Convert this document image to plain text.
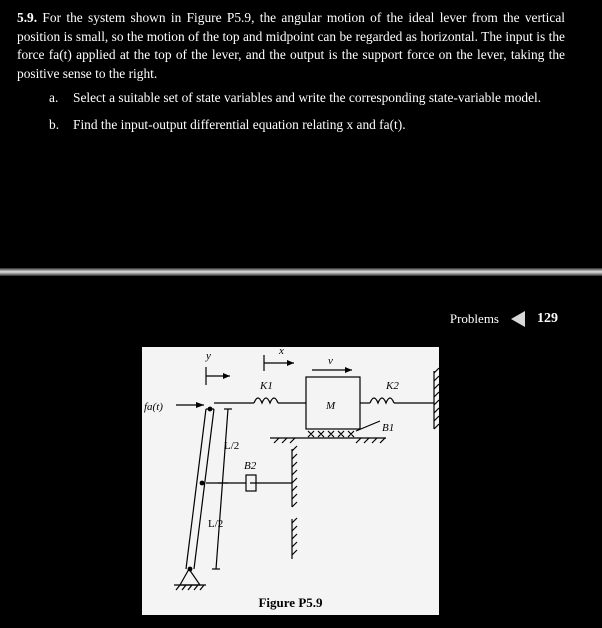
5.9. For the system shown in Figure P5.9, the angular motion of the ideal lever from the vertical position is small, so the motion of the top and midpoint can be regarded as horizontal. The input is the force fa(t) applied at the top of the lever, and the output is the support force on the lever, taking the positive sense to the right.

a. Select a suitable set of state variables and write the corresponding state-variable model.
b. Find the input-output differential equation relating x and fa(t).
Problems	129
fa(t)
y	x
v
K1	K2
M
B1
B2
L/2
L/2
Figure P5.9
